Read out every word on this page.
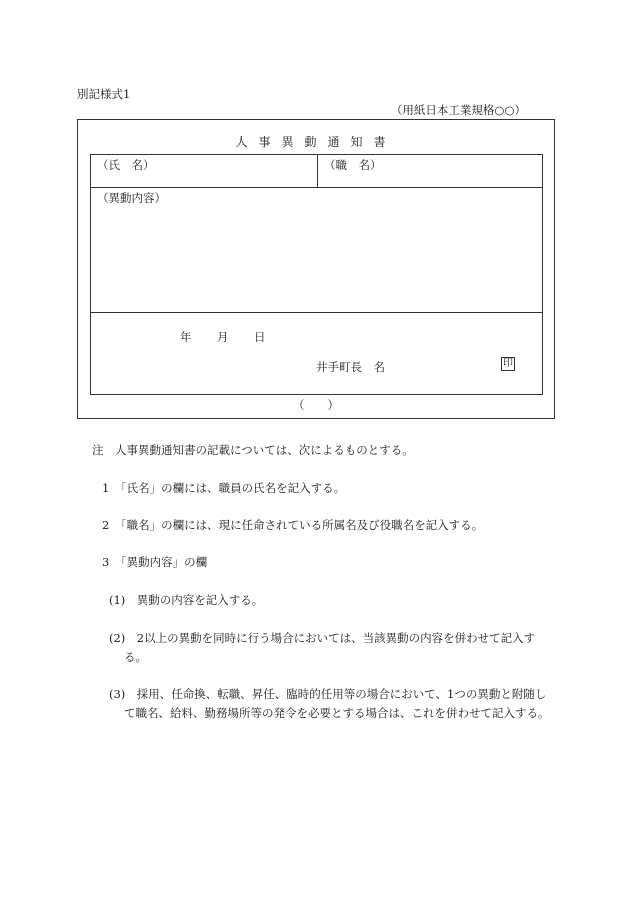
別記様式1
（用紙日本工業規格○○）
人事異動通知書
（氏　名）	（職　名）
（異動内容）
年 月 日
井手町長　名	印
（　　）
注　人事異動通知書の記載については、次によるものとする。
1　「氏名」の欄には、職員の氏名を記入する。
2　「職名」の欄には、現に任命されている所属名及び役職名を記入する。
3　「異動内容」の欄
(1)　異動の内容を記入する。
(2)　2以上の異動を同時に行う場合においては、当該異動の内容を併わせて記入す
る。
(3)　採用、任命換、転職、昇任、臨時的任用等の場合において、1つの異動と附随し
て職名、給料、勤務場所等の発令を必要とする場合は、これを併わせて記入する。
